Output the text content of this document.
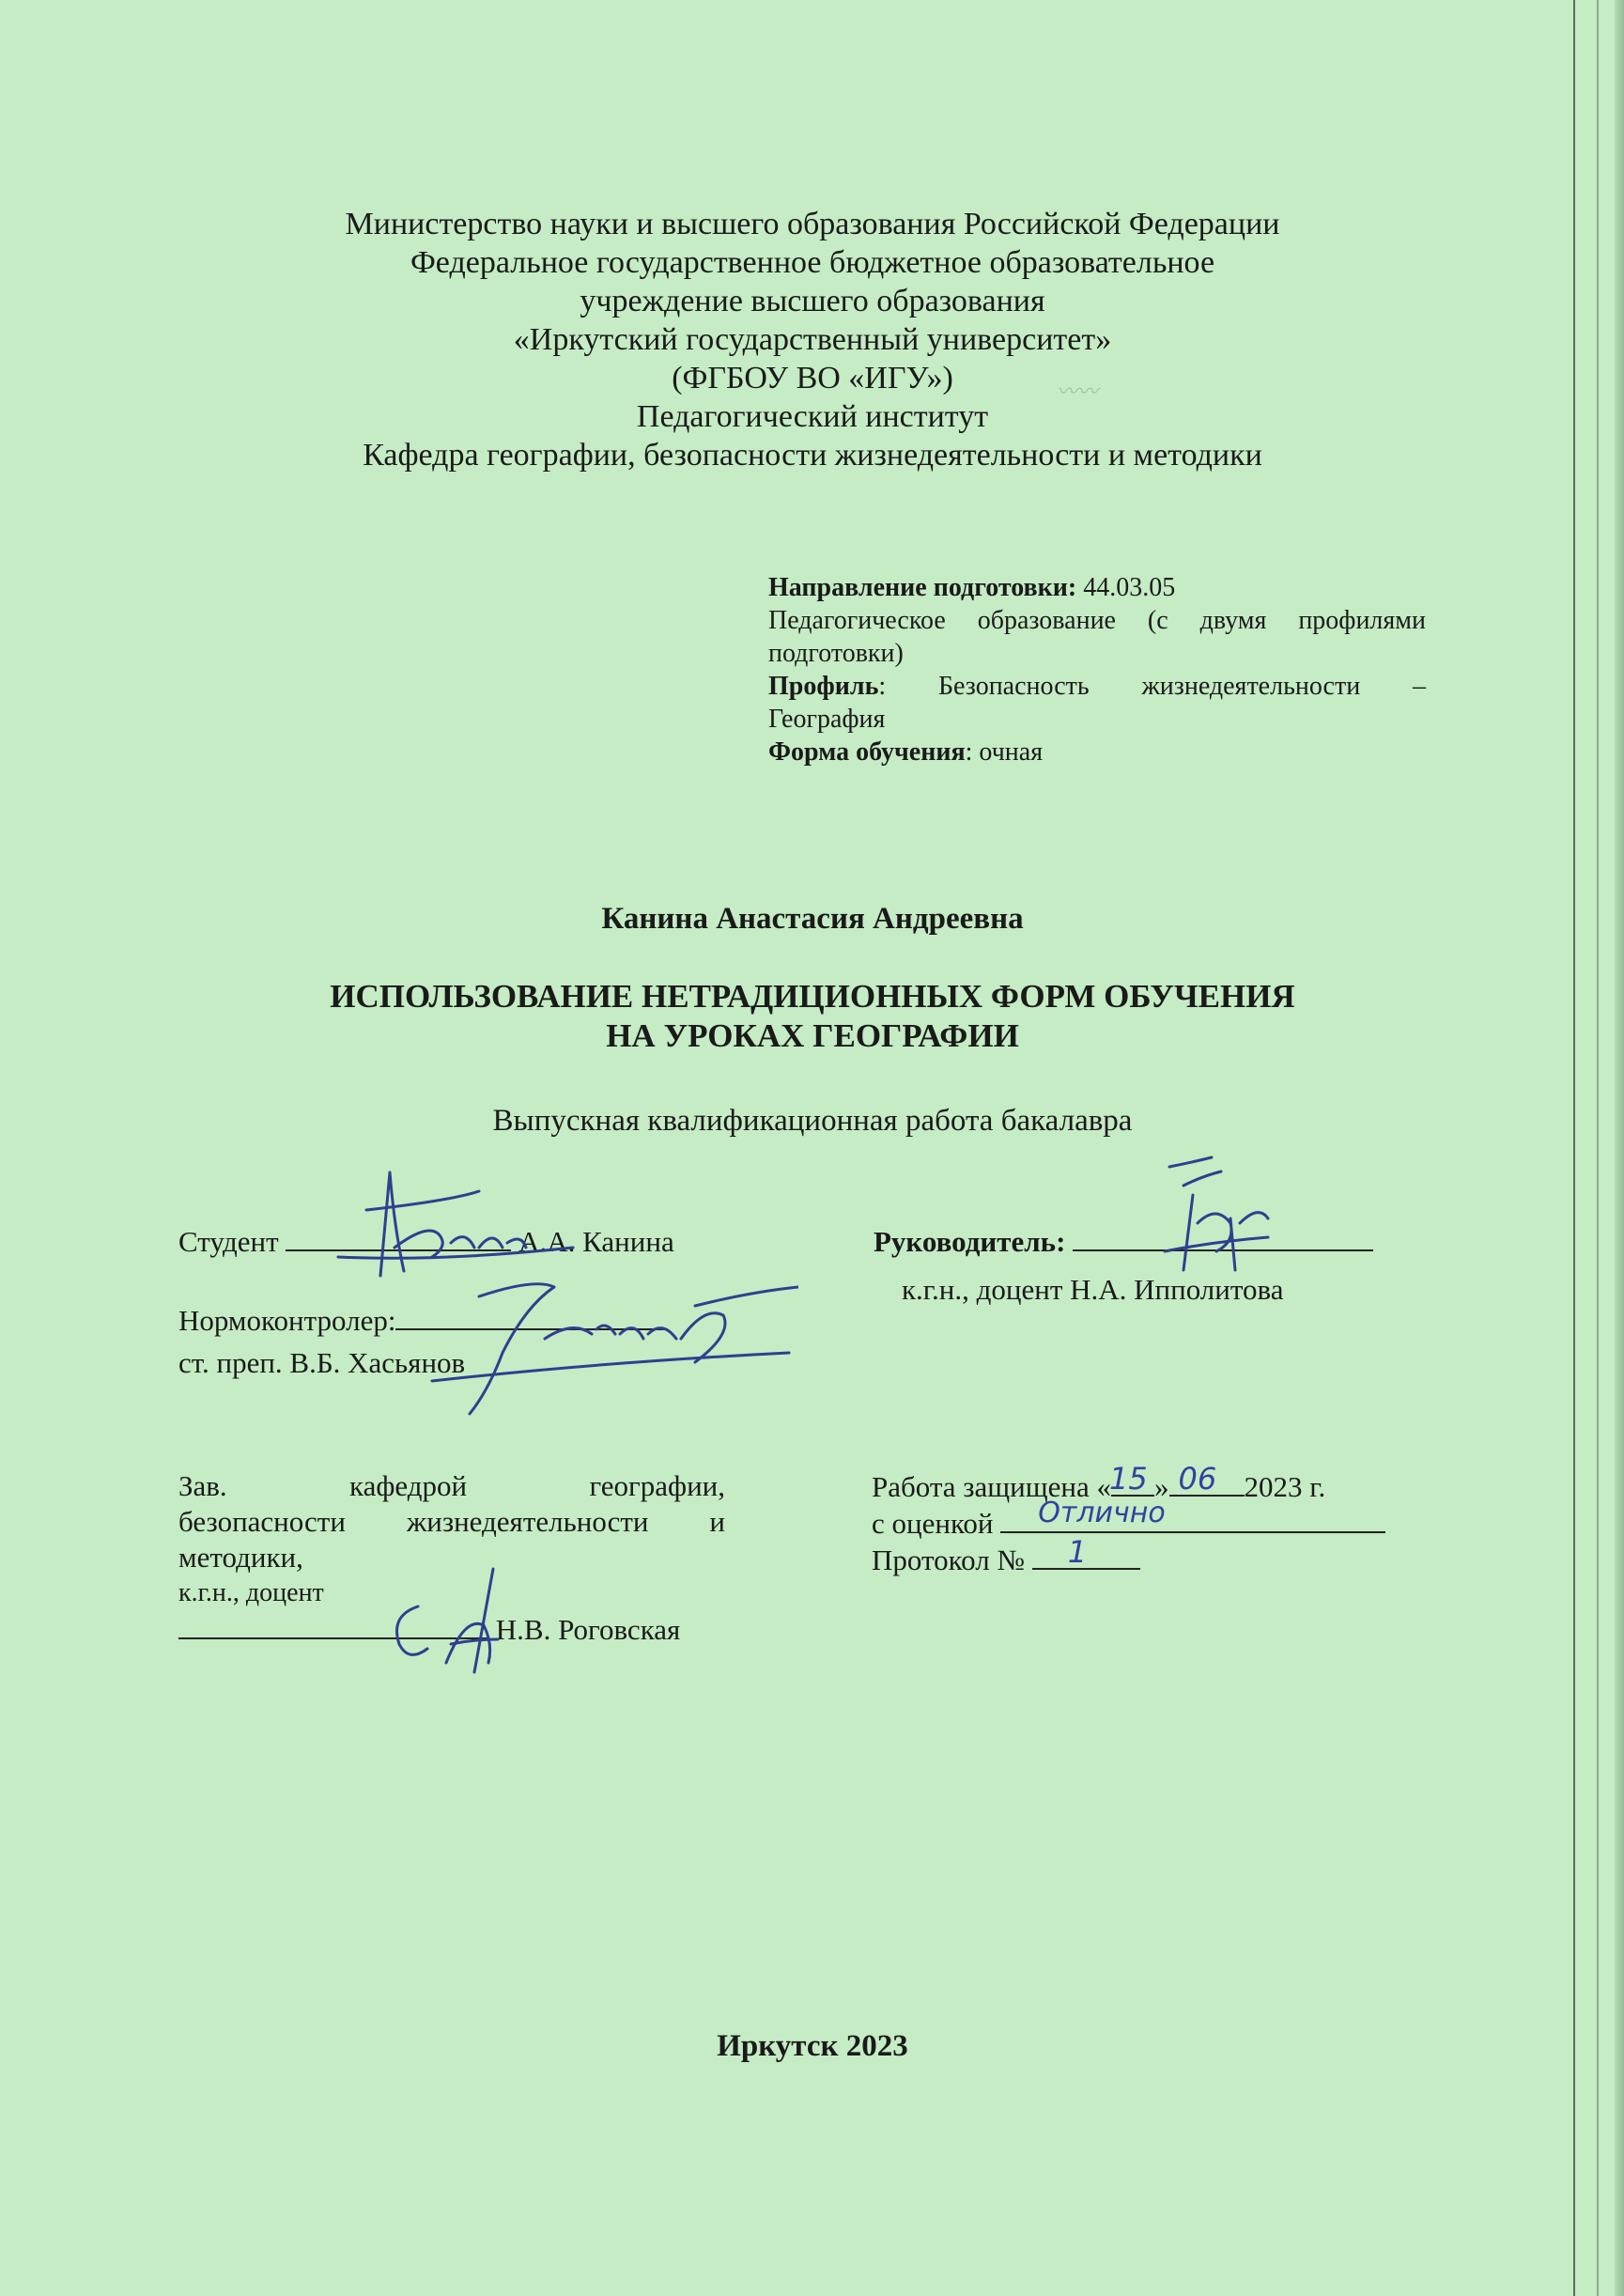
〰〰
Министерство науки и высшего образования Российской Федерации
Федеральное государственное бюджетное образовательное
учреждение высшего образования
«Иркутский государственный университет»
(ФГБОУ ВО «ИГУ»)
Педагогический институт
Кафедра географии, безопасности жизнедеятельности и методики
Направление подготовки: 44.03.05
Педагогическое образование (с двумя профилями
подготовки)
Профиль: Безопасность жизнедеятельности –
География
Форма обучения: очная
Канина Анастасия Андреевна
ИСПОЛЬЗОВАНИЕ НЕТРАДИЦИОННЫХ ФОРМ ОБУЧЕНИЯ
НА УРОКАХ ГЕОГРАФИИ
Выпускная квалификационная работа бакалавра
Студент	А.А. Канина	Руководитель:
к.г.н., доцент Н.А. Ипполитова
Нормоконтролер:
ст. преп. В.Б. Хасьянов
Зав.	кафедрой	географии,
безопасности жизнедеятельности и
методики,
к.г.н., доцент
Н.В. Роговская
Работа защищена «
15 » 06 2023 г.
с оценкой Отлично
Протокол № 1
Иркутск 2023
